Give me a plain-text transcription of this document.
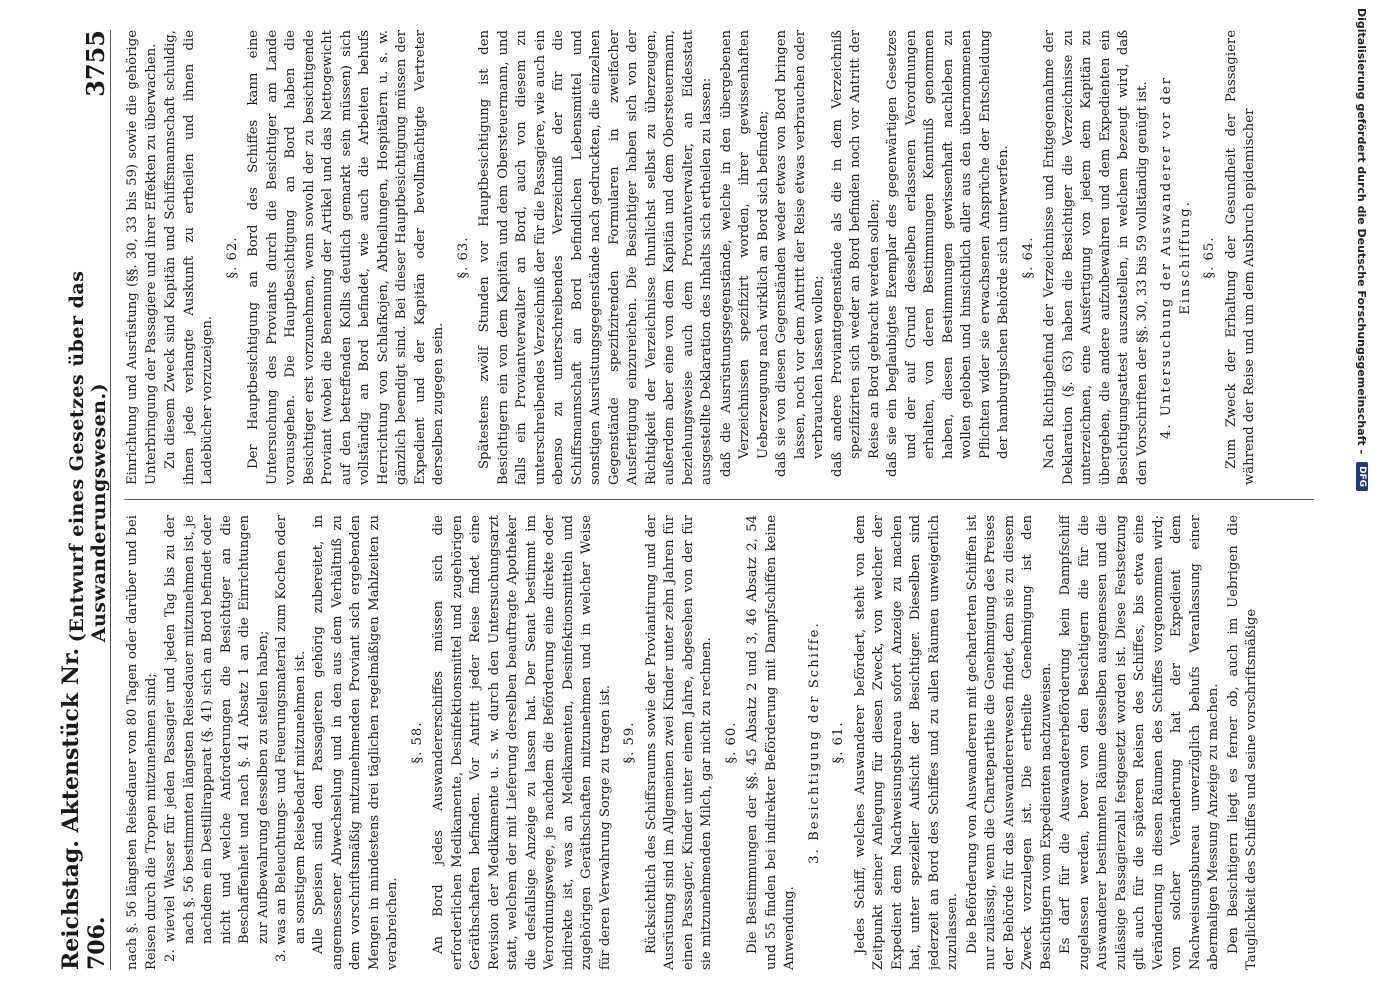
Reichstag. Aktenstück Nr. 706.
(Entwurf eines Gesetzes über das Auswanderungswesen.)
3755

nach §. 56 längsten Reisedauer von 80 Tagen oder darüber und bei Reisen durch die Tropen mitzunehmen sind; 2. wieviel Wasser für jeden Passagier und jeden Tag bis zu der nach §. 56 bestimmten längsten Reisedauer mitzunehmen ist, je nachdem ein Destillirapparat (§. 41) sich an Bord befindet oder nicht und welche Anforderungen die Besichtiger an die Beschaffenheit und nach §. 41 Absatz 1 an die Einrichtungen zur Aufbewahrung desselben zu stellen haben; 3. was an Beleuchtungs- und Feuerungsmaterial zum Kochen oder an sonstigem Reisebedarf mitzunehmen ist. Alle Speisen sind den Passagieren gehörig zubereitet, in angemessener Abwechselung und in den aus dem Verhältniß zu dem vorschriftsmäßig mitzunehmenden Proviant sich ergebenden Mengen in mindestens drei täglichen regelmäßigen Mahlzeiten zu verabreichen.

§. 58. An Bord jedes Auswandererschiffes müssen sich die erforderlichen Medikamente, Desinfektionsmittel und zugehörigen Geräthschaften befinden. Vor Antritt jeder Reise findet eine Revision der Medikamente u. s. w. durch den Untersuchungsarzt statt, welchem der mit Lieferung derselben beauftragte Apotheker die desfallsige Anzeige zu lassen hat. Der Senat bestimmt im Verordnungswege, je nachdem die Beförderung eine direkte oder indirekte ist, was an Medikamenten, Desinfektionsmitteln und zugehörigen Geräthschaften mitzunehmen und in welcher Weise für deren Verwahrung Sorge zu tragen ist. §. 59. Rücksichtlich des Schiffsraums sowie der Proviantirung und der Ausrüstung sind im Allgemeinen zwei Kinder unter zehn Jahren für einen Passagier, Kinder unter einem Jahre, abgesehen von der für sie mitzunehmenden Milch, gar nicht zu rechnen. §. 60. Die Bestimmungen der §§. 45 Absatz 2 und 3, 46 Absatz 2, 54 und 55 finden bei indirekter Beförderung mit Dampfschiffen keine Anwendung.

3. Besichtigung der Schiffe. §. 61. Jedes Schiff, welches Auswanderer befördert, steht von dem Zeitpunkt seiner Anlegung für diesen Zweck, von welcher der Expedient dem Nachweisungsbureau sofort Anzeige zu machen hat, unter spezieller Aufsicht der Besichtiger. Dieselben sind jederzeit an Bord des Schiffes und zu allen Räumen unweigerlich zuzulassen. Die Beförderung von Auswanderern mit gecharterten Schiffen ist nur zulässig, wenn die Charteparthie die Genehmigung des Preises der Behörde für das Auswandererwesen findet, dem sie zu diesem Zweck vorzulegen ist. Die ertheilte Genehmigung ist den Besichtigern vom Expedienten nachzuweisen. Es darf für die Auswandererbeförderung kein Dampfschiff zugelassen werden, bevor von den Besichtigern die für die Auswanderer bestimmten Räume desselben ausgemessen und die zulässige Passagierzahl festgesetzt worden ist. Diese Festsetzung gilt auch für die späteren Reisen des Schiffes, bis etwa eine Veränderung in diesen Räumen des Schiffes vorgenommen wird; von solcher Veränderung hat der Expedient dem Nachweisungsbureau unverzüglich behufs Veranlassung einer abermaligen Messung Anzeige zu machen. Den Besichtigern liegt es ferner ob, auch im Uebrigen die Tauglichkeit des Schiffes und seine vorschriftsmäßige

Einrichtung und Ausrüstung (§§. 30, 33 bis 59) sowie die gehörige Unterbringung der Passagiere und ihrer Effekten zu überwachen. Zu diesem Zweck sind Kapitän und Schiffsmannschaft schuldig, ihnen jede verlangte Auskunft zu ertheilen und ihnen die Ladebücher vorzuzeigen.

§. 62. Der Hauptbesichtigung an Bord des Schiffes kann eine Untersuchung des Proviants durch die Besichtiger am Lande vorausgehen. Die Hauptbesichtigung an Bord haben die Besichtiger erst vorzunehmen, wenn sowohl der zu besichtigende Proviant (wobei die Benennung der Artikel und das Nettogewicht auf den betreffenden Kollis deutlich gemarkt sein müssen) sich vollständig an Bord befindet, wie auch die Arbeiten behufs Herrichtung von Schlafkojen, Abtheilungen, Hospitälern u. s. w. gänzlich beendigt sind. Bei dieser Hauptbesichtigung müssen der Expedient und der Kapitän oder bevollmächtigte Vertreter derselben zugegen sein.

§. 63. Spätestens zwölf Stunden vor Hauptbesichtigung ist den Besichtigern ein von dem Kapitän und dem Obersteuermann, und falls ein Proviantverwalter an Bord, auch von diesem zu unterschreibendes Verzeichniß der für die Passagiere, wie auch ein ebenso zu unterschreibendes Verzeichniß der für die Schiffsmannschaft an Bord befindlichen Lebensmittel und sonstigen Ausrüstungsgegenstände nach gedruckten, die einzelnen Gegenstände spezifizirenden Formularen in zweifacher Ausfertigung einzureichen. Die Besichtiger haben sich von der Richtigkeit der Verzeichnisse thunlichst selbst zu überzeugen, außerdem aber eine von dem Kapitän und dem Obersteuermann, beziehungsweise auch dem Proviantverwalter, an Eidesstatt ausgestellte Deklaration des Inhalts sich ertheilen zu lassen: daß die Ausrüstungsgegenstände, welche in den übergebenen Verzeichnissen spezifizirt worden, ihrer gewissenhaften Ueberzeugung nach wirklich an Bord sich befinden; daß sie von diesen Gegenständen weder etwas von Bord bringen lassen, noch vor dem Antritt der Reise etwas verbrauchen oder verbrauchen lassen wollen; daß andere Proviantgegenstände als die in dem Verzeichniß spezifizirten sich weder an Bord befinden noch vor Antritt der Reise an Bord gebracht werden sollen; daß sie ein beglaubigtes Exemplar des gegenwärtigen Gesetzes und der auf Grund desselben erlassenen Verordnungen erhalten, von deren Bestimmungen Kenntniß genommen haben, diesen Bestimmungen gewissenhaft nachleben zu wollen geloben und hinsichtlich aller aus den übernommenen Pflichten wider sie erwachsenen Ansprüche der Entscheidung der hamburgischen Behörde sich unterwerfen. §. 64. Nach Richtigbefund der Verzeichnisse und Entgegennahme der Deklaration (§. 63) haben die Besichtiger die Verzeichnisse zu unterzeichnen, eine Ausfertigung von jedem dem Kapitän zu übergeben, die andere aufzubewahren und dem Expedienten ein Besichtigungsattest auszustellen, in welchem bezeugt wird, daß den Vorschriften der §§. 30, 33 bis 59 vollständig genügt ist. 4. Untersuchung der Auswanderer vor der Einschiffung. §. 65. Zum Zweck der Erhaltung der Gesundheit der Passagiere während der Reise und um dem Ausbruch epidemischer	Digitalisierung gefördert durch die Deutsche Forschungsgemeinschaft -
DFG
